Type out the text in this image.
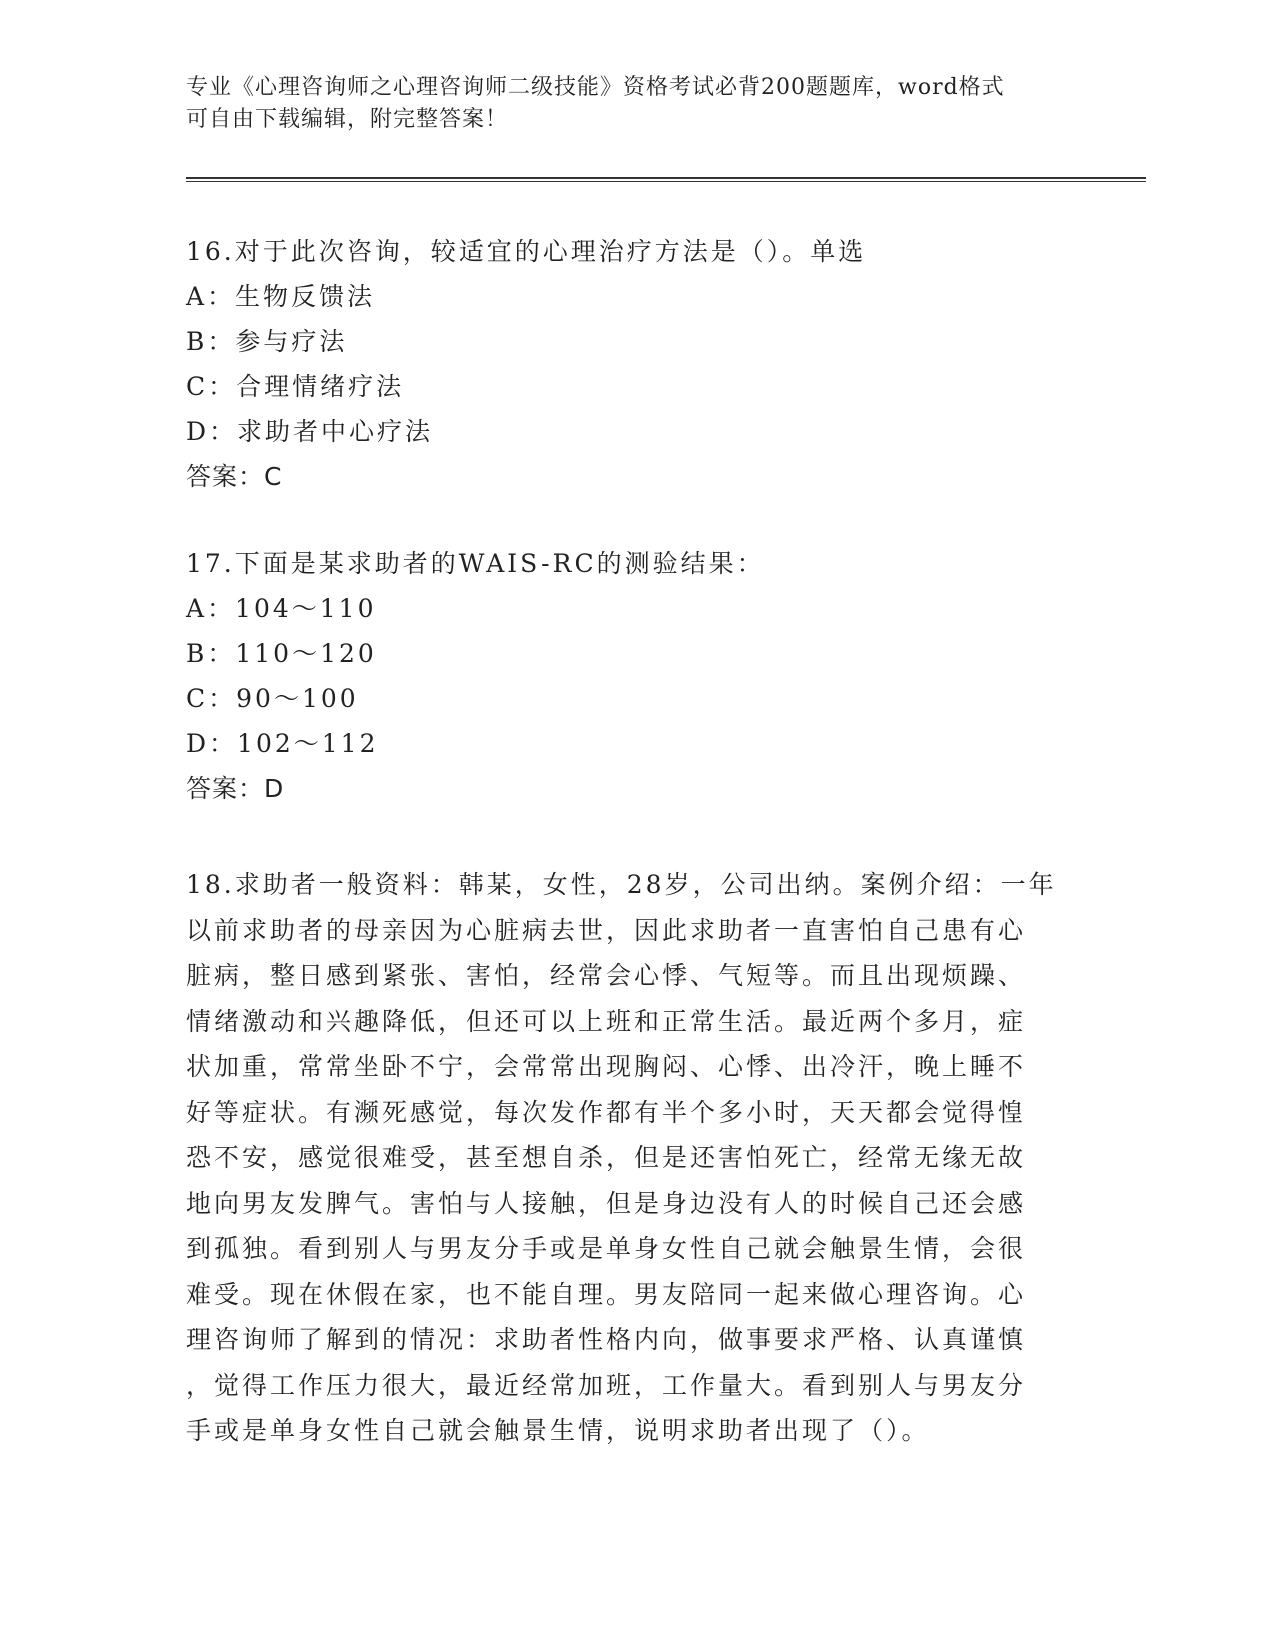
专业《心理咨询师之心理咨询师二级技能》资格考试必背200题题库，word格式
可自由下载编辑，附完整答案！
16.对于此次咨询，较适宜的心理治疗方法是（）。单选
A：生物反馈法
B：参与疗法
C：合理情绪疗法
D：求助者中心疗法
答案：C
17.下面是某求助者的WAIS-RC的测验结果：
A：104～110
B：110～120
C：90～100
D：102～112
答案：D
18.求助者一般资料：韩某，女性，28岁，公司出纳。案例介绍：一年
以前求助者的母亲因为心脏病去世，因此求助者一直害怕自己患有心
脏病，整日感到紧张、害怕，经常会心悸、气短等。而且出现烦躁、
情绪激动和兴趣降低，但还可以上班和正常生活。最近两个多月，症
状加重，常常坐卧不宁，会常常出现胸闷、心悸、出冷汗，晚上睡不
好等症状。有濒死感觉，每次发作都有半个多小时，天天都会觉得惶
恐不安，感觉很难受，甚至想自杀，但是还害怕死亡，经常无缘无故
地向男友发脾气。害怕与人接触，但是身边没有人的时候自己还会感
到孤独。看到别人与男友分手或是单身女性自己就会触景生情，会很
难受。现在休假在家，也不能自理。男友陪同一起来做心理咨询。心
理咨询师了解到的情况：求助者性格内向，做事要求严格、认真谨慎
，觉得工作压力很大，最近经常加班，工作量大。看到别人与男友分
手或是单身女性自己就会触景生情，说明求助者出现了（）。
